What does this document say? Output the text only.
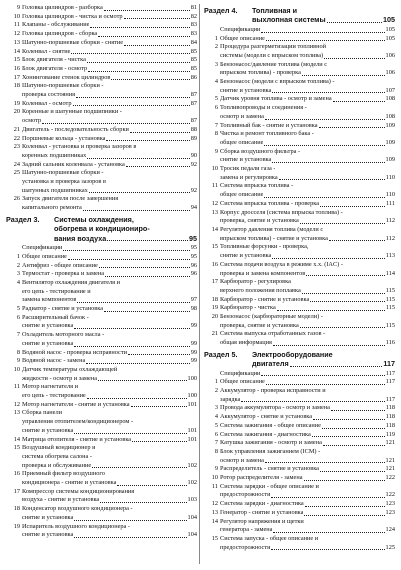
9 Головка цилиндров - разборка	81
10 Головка цилиндров - чистка и осмотр	82
11 Клапаны - обслуживание	83
12 Головка цилиндров - сборка	83
13 Шатунно-поршневые сборки - снятие	84
14 Коленвал - снятие	85
15 Блок двигателя - чистка	85
16 Блок двигателя - осмотр	85
17 Хонингование стенок цилиндров	86
18 Шатунно-поршневые сборки -
проверка состояния	87
19 Коленвал - осмотр	87
20 Коренные и шатунные подшипники -
осмотр	87
21 Двигатель - последовательность сборки	88
22 Поршневые кольца - установка	89
23 Коленвал - установка и проверка зазоров в
коренных подшипниках	90
24 Задний сальник коленвала - установка	92
25 Шатунно-поршневые сборки -
установка и проверка зазоров в
шатунных подшипниках	92
26 Запуск двигателя после завершения
капитального ремонта	94
Раздел 3.	Системы охлаждения,
обогрева и кондициониро-
вания воздуха	95
Спецификации	95
1 Общее описание	95
2 Антифриз - общее описание	96
3 Термостат - проверка и замена	96
4 Вентилятор охлаждения двигателя и
его цепь - тестирование и
замена компонентов	97
5 Радиатор - снятие и установка	98
6 Расширительный бачок -
снятие и установка	99
7 Охладитель моторного масла -
снятие и установка	99
8 Водяной насос - проверка исправности	99
9 Водяной насос - замена	99
10 Датчик температуры охлаждающей
жидкости - осмотр и замена	100
11 Мотор нагнетателя и
его цепь - тестирование	100
12 Мотор нагнетателя - снятие и установка	101
13 Сборка панели
управления отопителем/кондиционером -
снятие и установка	101
14 Матрица отопителя - снятие и установка	101
15 Воздушный кондиционер и
система обогрева салона -
проверка и обслуживание	102
16 Приемный фильтр воздушного
кондиционера - снятие и установка	102
17 Компрессор системы кондиционирования
воздуха - снятие и установка	103
18 Конденсатор воздушного кондиционера -
снятие и установка	104
19 Испаритель воздушного кондиционера -
снятие и установка	104
Раздел 4.	Топливная и
выхлопная системы	105
Спецификации	105
1 Общее описание	105
2 Процедура разгерметизации топливной
системы (модели с впрыском топлива)	106
3 Бензонасос/давление топлива (модели с
впрыском топлива) - проверка	106
4 Бензонасос (модели с впрыском топлива) -
снятие и установка	107
5 Датчик уровня топлива - осмотр и замена	108
6 Топливопроводы и соединения -
осмотр и замена	108
7 Топливный бак - снятие и установка	109
8 Чистка и ремонт топливного бака -
общее описание	109
9 Сборка воздушного фильтра -
снятие и установка	109
10 Тросик педали газа -
замена и регулировка	110
11 Система впрыска топлива -
общее описание	110
12 Система впрыска топлива - проверка	111
13 Корпус дросселя (система впрыска топлива) -
проверка, снятие и установка	112
14 Регулятор давления топлива (модели с
впрыском топлива) - снятие и установка	112
15 Топливные форсунки - проверка,
снятие и установка	113
16 Система подачи воздуха в режиме х.х. (IAC) -
проверка и замена компонентов	114
17 Карбюратор - регулировка
верхнего положения поплавка	115
18 Карбюратор - снятие и установка	115
19 Карбюратор - чистка	115
20 Бензонасос (карбюраторные модели) -
проверка, снятие и установка	115
21 Система выпуска отработанных газов -
общая информация	116
Раздел 5.	Электрооборудование
двигателя	117
Спецификации	117
1 Общее описание	117
2 Аккумулятор - проверка исправности и
зарядка	117
3 Провода аккумулятора - осмотр и замена	118
4 Аккумулятор - снятие и установка	118
5 Система зажигания - общее описание	118
6 Система зажигания - диагностика	119
7 Катушка зажигания - осмотр и замена	121
8 Блок управления зажиганием (ICM) -
осмотр и замена	121
9 Распределитель - снятие и установка	121
10 Ротор распределителя - замена	122
11 Система зарядки - общее описание и
предосторожности	122
12 Система зарядки - диагностика	123
13 Генератор - снятие и установка	123
14 Регулятор напряжения и щетки
генератора - замена	124
15 Система запуска - общее описание и
предосторожности	125
